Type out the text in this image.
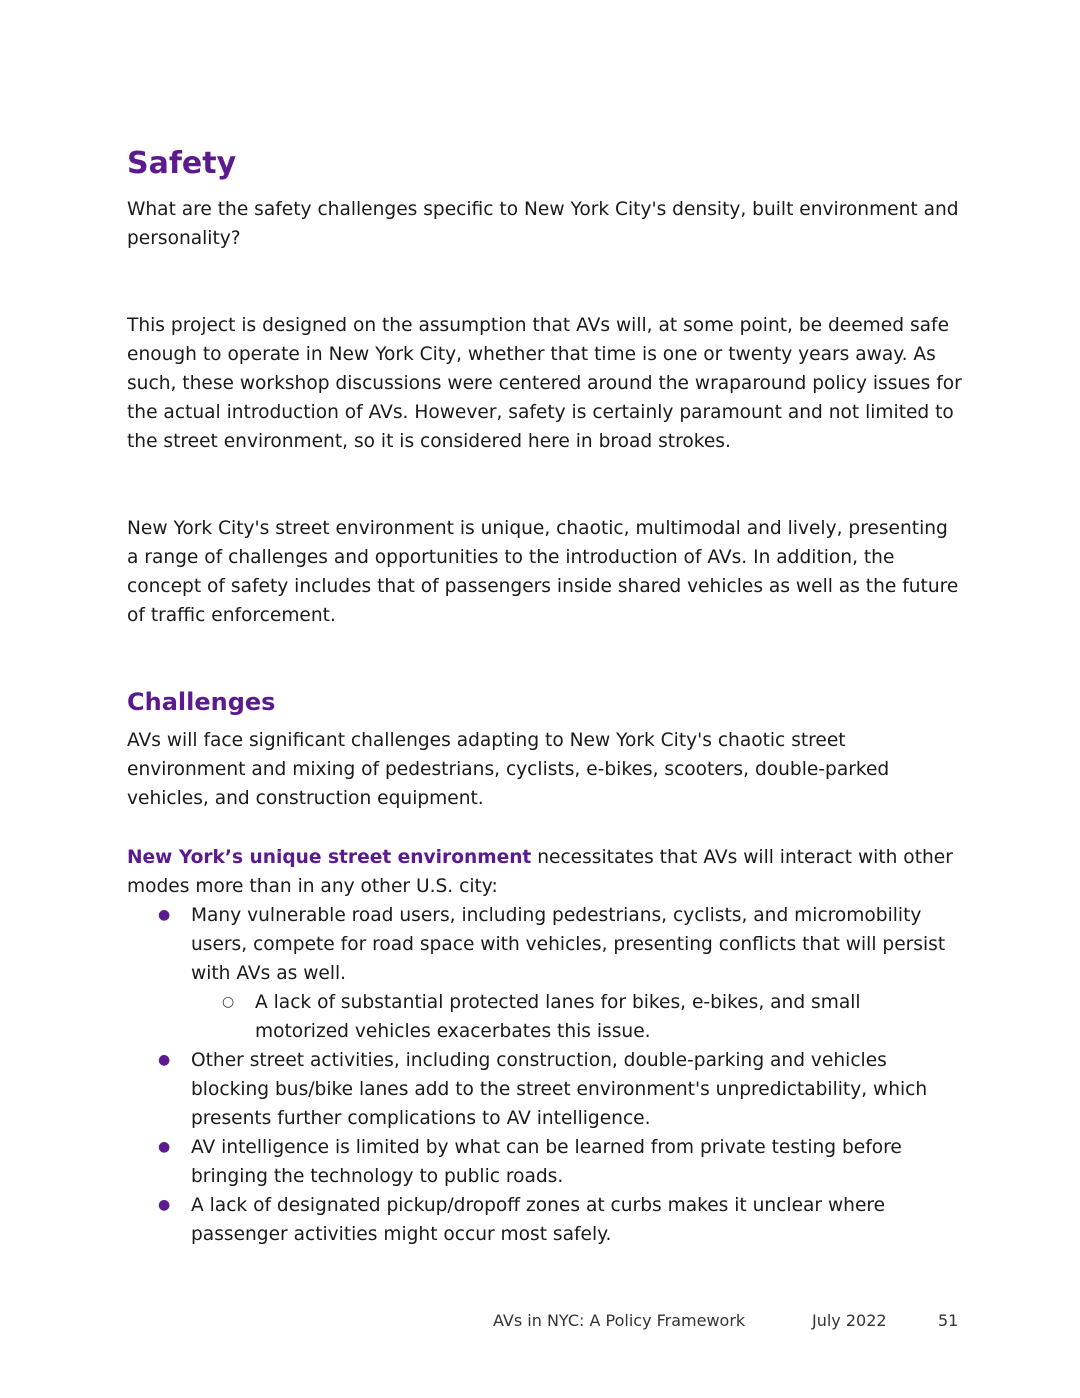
Safety

What are the safety challenges specific to New York City's density, built environment and personality?

This project is designed on the assumption that AVs will, at some point, be deemed safe enough to operate in New York City, whether that time is one or twenty years away. As such, these workshop discussions were centered around the wraparound policy issues for the actual introduction of AVs. However, safety is certainly paramount and not limited to the street environment, so it is considered here in broad strokes.

New York City's street environment is unique, chaotic, multimodal and lively, presenting a range of challenges and opportunities to the introduction of AVs. In addition, the concept of safety includes that of passengers inside shared vehicles as well as the future of traffic enforcement.

Challenges

AVs will face significant challenges adapting to New York City's chaotic street environment and mixing of pedestrians, cyclists, e-bikes, scooters, double-parked vehicles, and construction equipment.

New York’s unique street environment necessitates that AVs will interact with other modes more than in any other U.S. city:

●	Many vulnerable road users, including pedestrians, cyclists, and micromobility users, compete for road space with vehicles, presenting conflicts that will persist with AVs as well.
○ A lack of substantial protected lanes for bikes, e-bikes, and small motorized vehicles exacerbates this issue.
●	Other street activities, including construction, double-parking and vehicles blocking bus/bike lanes add to the street environment's unpredictability, which presents further complications to AV intelligence.
●	AV intelligence is limited by what can be learned from private testing before bringing the technology to public roads.
●	A lack of designated pickup/dropoff zones at curbs makes it unclear where passenger activities might occur most safely.
AVs in NYC: A Policy Framework	July 2022	51
